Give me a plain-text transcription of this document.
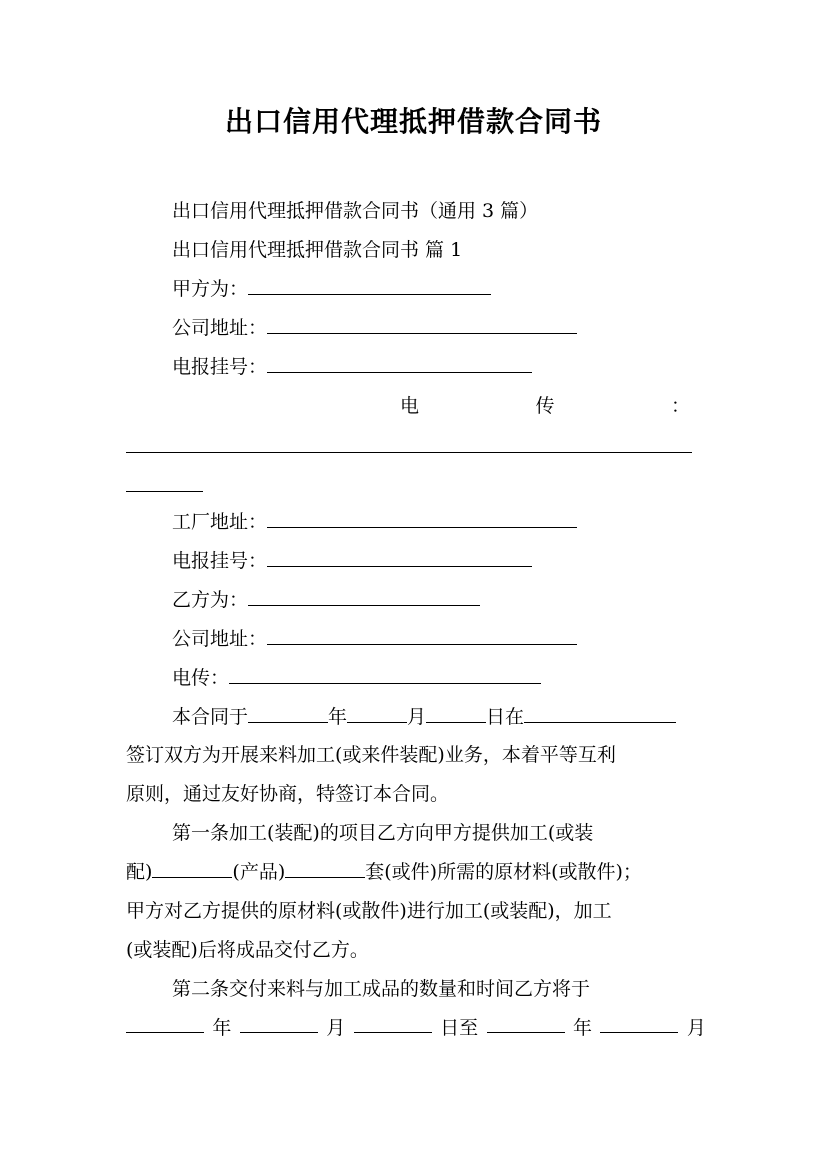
出口信用代理抵押借款合同书
出口信用代理抵押借款合同书（通用 3 篇）
出口信用代理抵押借款合同书 篇 1
甲方为：
公司地址：
电报挂号：
电	传	：
工厂地址：
电报挂号：
乙方为：
公司地址：
电传：
本合同于	年	月	日在
签订双方为开展来料加工(或来件装配)业务，本着平等互利
原则，通过友好协商，特签订本合同。
第一条加工(装配)的项目乙方向甲方提供加工(或装
配)	(产品)	套(或件)所需的原材料(或散件)；
甲方对乙方提供的原材料(或散件)进行加工(或装配)，加工
(或装配)后将成品交付乙方。
第二条交付来料与加工成品的数量和时间乙方将于
年	月	日至	年	月
